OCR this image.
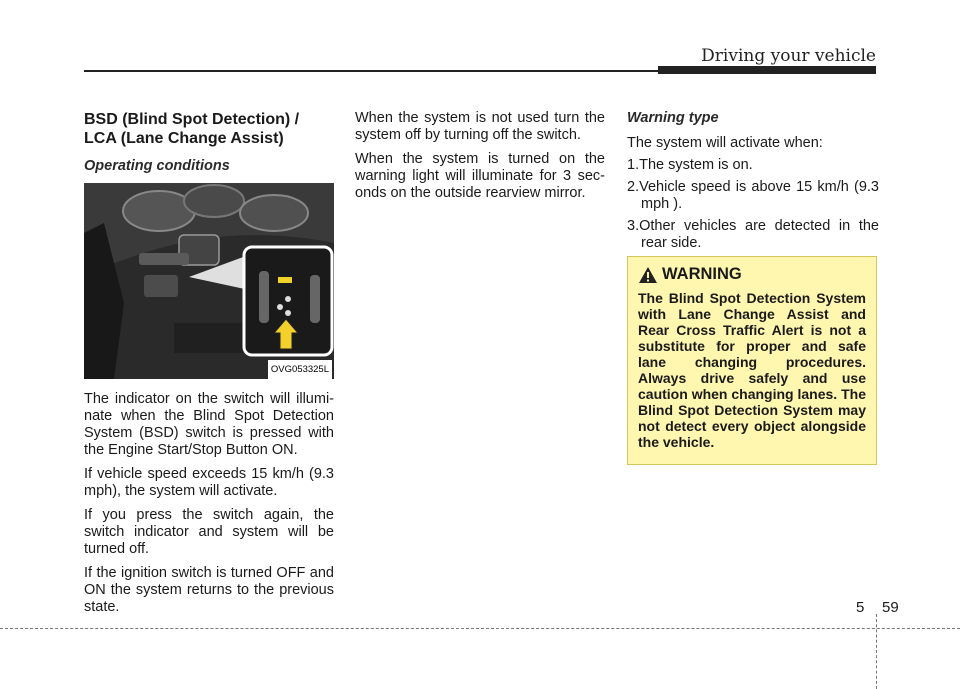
Driving your vehicle
BSD (Blind Spot Detection) /
LCA (Lane Change Assist)
Operating conditions
OVG053325L

The indicator on the switch will illumi-nate when the Blind Spot Detection System (BSD) switch is pressed with the Engine Start/Stop Button ON.

If vehicle speed exceeds 15 km/h (9.3 mph), the system will activate.

If you press the switch again, the switch indicator and system will be turned off.

If the ignition switch is turned OFF and ON the system returns to the previous state.

When the system is not used turn the system off by turning off the switch.

When the system is turned on the warning light will illuminate for 3 sec-onds on the outside rearview mirror.

Warning type

The system will activate when:

1.The system is on.

2.Vehicle speed is above 15 km/h (9.3 mph ).

3.Other vehicles are detected in the rear side.

WARNING
The Blind Spot Detection System with Lane Change Assist and Rear Cross Traffic Alert is not a substitute for proper and safe lane changing procedures. Always drive safely and use caution when changing lanes. The Blind Spot Detection System may not detect every object alongside the vehicle.
5 59
